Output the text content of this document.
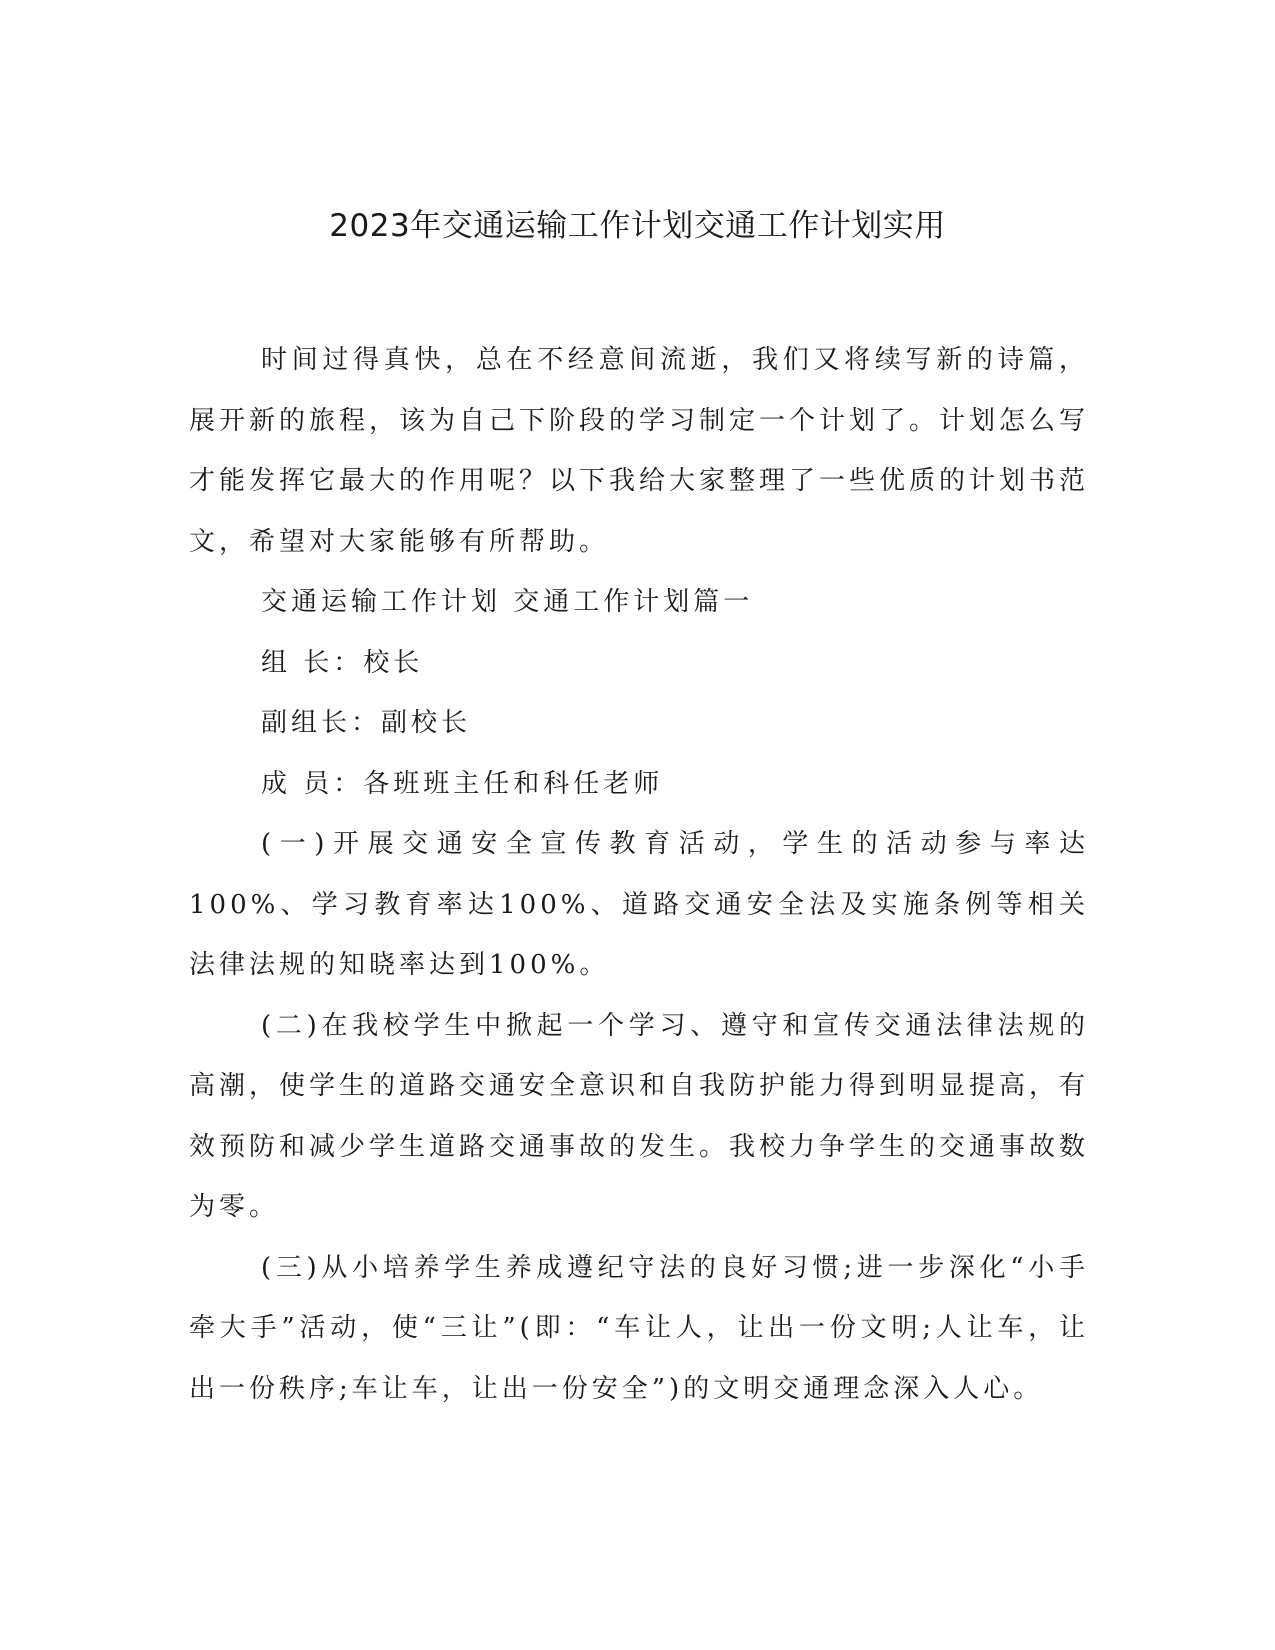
2023年交通运输工作计划交通工作计划实用

时间过得真快，总在不经意间流逝，我们又将续写新的诗篇，展开新的旅程，该为自己下阶段的学习制定一个计划了。计划怎么写才能发挥它最大的作用呢？以下我给大家整理了一些优质的计划书范文，希望对大家能够有所帮助。

交通运输工作计划 交通工作计划篇一

组 长：校长

副组长：副校长

成 员：各班班主任和科任老师

(一)开展交通安全宣传教育活动，学生的活动参与率达100%、学习教育率达100%、道路交通安全法及实施条例等相关法律法规的知晓率达到100%。

(二)在我校学生中掀起一个学习、遵守和宣传交通法律法规的高潮，使学生的道路交通安全意识和自我防护能力得到明显提高，有效预防和减少学生道路交通事故的发生。我校力争学生的交通事故数为零。

(三)从小培养学生养成遵纪守法的良好习惯;进一步深化“小手牵大手”活动，使“三让”(即：“车让人，让出一份文明;人让车，让出一份秩序;车让车，让出一份安全”)的文明交通理念深入人心。
